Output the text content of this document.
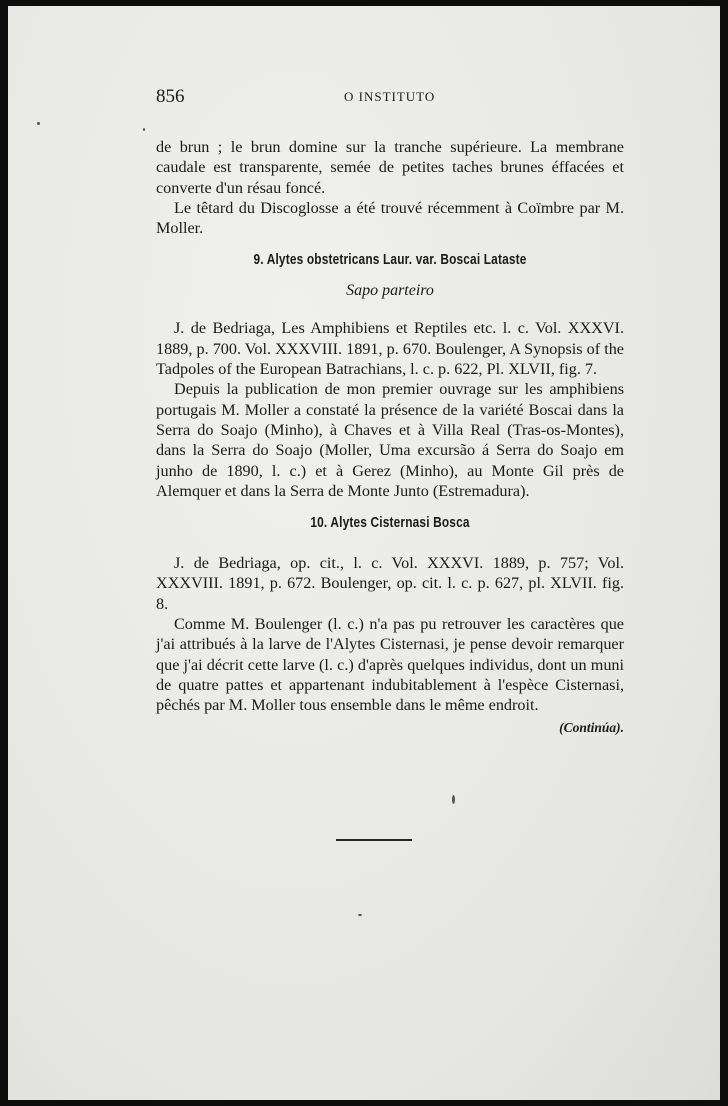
856	O INSTITUTO

de brun ; le brun domine sur la tranche supérieure. La membrane caudale est transparente, semée de petites taches brunes éffacées et converte d'un résau foncé.

Le têtard du Discoglosse a été trouvé récemment à Coïmbre par M. Moller.

9. Alytes obstetricans Laur. var. Boscai Lataste

Sapo parteiro

J. de Bedriaga, Les Amphibiens et Reptiles etc. l. c. Vol. XXXVI. 1889, p. 700. Vol. XXXVIII. 1891, p. 670. Boulenger, A Synopsis of the Tadpoles of the European Batrachians, l. c. p. 622, Pl. XLVII, fig. 7.

Depuis la publication de mon premier ouvrage sur les amphibiens portugais M. Moller a constaté la présence de la variété Boscai dans la Serra do Soajo (Minho), à Chaves et à Villa Real (Tras-os-Montes), dans la Serra do Soajo (Moller, Uma excursão á Serra do Soajo em junho de 1890, l. c.) et à Gerez (Minho), au Monte Gil près de Alemquer et dans la Serra de Monte Junto (Estremadura).

10. Alytes Cisternasi Bosca

J. de Bedriaga, op. cit., l. c. Vol. XXXVI. 1889, p. 757; Vol. XXXVIII. 1891, p. 672. Boulenger, op. cit. l. c. p. 627, pl. XLVII. fig. 8.

Comme M. Boulenger (l. c.) n'a pas pu retrouver les caractères que j'ai attribués à la larve de l'Alytes Cisternasi, je pense devoir remarquer que j'ai décrit cette larve (l. c.) d'après quelques individus, dont un muni de quatre pattes et appartenant indubitablement à l'espèce Cisternasi, pêchés par M. Moller tous ensemble dans le même endroit.

(Continúa).
